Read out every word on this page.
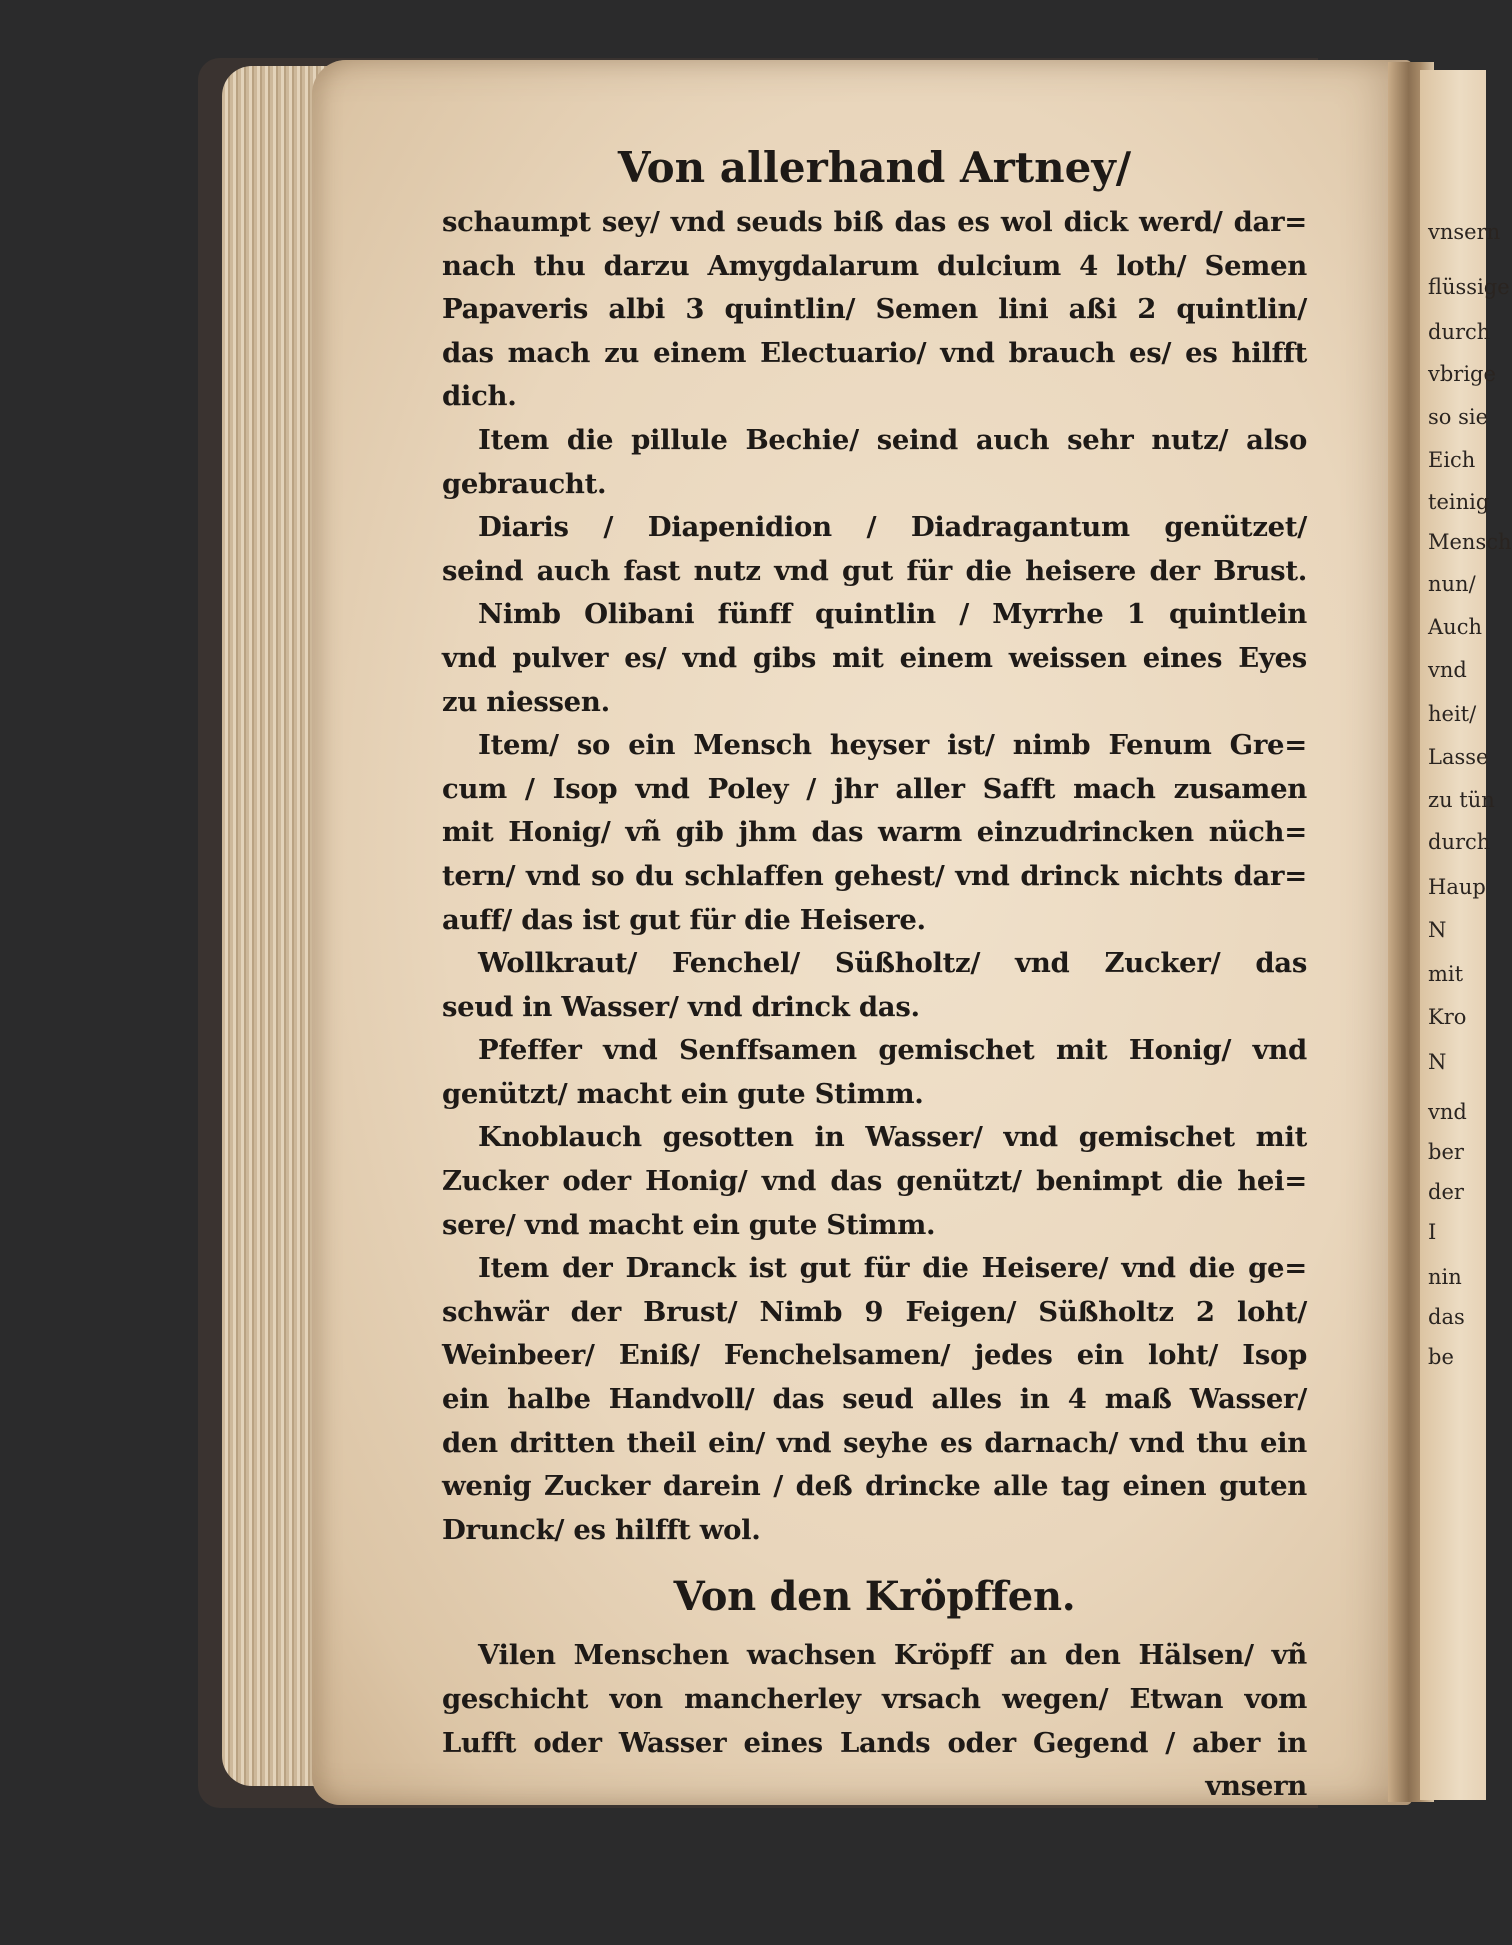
vnsern
flüssige
durch
vbrige
so sie
Eich
teinig
Mensch
nun/
Auch
vnd
heit/
Lasse
zu tün
durch
Haup
N
mit
Kro
N
vnd
ber
der
I
nin
das
be
Von allerhand Artney/
schaumpt sey/ vnd seuds biß das es wol dick werd/ dar=
nach thu darzu Amygdalarum dulcium 4 loth/ Semen
Papaveris albi 3 quintlin/ Semen lini aßi 2 quintlin/
das mach zu einem Electuario/ vnd brauch es/ es hilfft
dich.
Item die pillule Bechie/ seind auch sehr nutz/ also
gebraucht.
Diaris / Diapenidion / Diadragantum genützet/
seind auch fast nutz vnd gut für die heisere der Brust.
Nimb Olibani fünff quintlin / Myrrhe 1 quintlein
vnd pulver es/ vnd gibs mit einem weissen eines Eyes
zu niessen.
Item/ so ein Mensch heyser ist/ nimb Fenum Gre=
cum / Isop vnd Poley / jhr aller Safft mach zusamen
mit Honig/ vñ gib jhm das warm einzudrincken nüch=
tern/ vnd so du schlaffen gehest/ vnd drinck nichts dar=
auff/ das ist gut für die Heisere.
Wollkraut/ Fenchel/ Süßholtz/ vnd Zucker/ das
seud in Wasser/ vnd drinck das.
Pfeffer vnd Senffsamen gemischet mit Honig/ vnd
genützt/ macht ein gute Stimm.
Knoblauch gesotten in Wasser/ vnd gemischet mit
Zucker oder Honig/ vnd das genützt/ benimpt die hei=
sere/ vnd macht ein gute Stimm.
Item der Dranck ist gut für die Heisere/ vnd die ge=
schwär der Brust/ Nimb 9 Feigen/ Süßholtz 2 loht/
Weinbeer/ Eniß/ Fenchelsamen/ jedes ein loht/ Isop
ein halbe Handvoll/ das seud alles in 4 maß Wasser/
den dritten theil ein/ vnd seyhe es darnach/ vnd thu ein
wenig Zucker darein / deß drincke alle tag einen guten
Drunck/ es hilfft wol.
Von den Kröpffen.
Vilen Menschen wachsen Kröpff an den Hälsen/ vñ
geschicht von mancherley vrsach wegen/ Etwan vom
Lufft oder Wasser eines Lands oder Gegend / aber in
vnsern
